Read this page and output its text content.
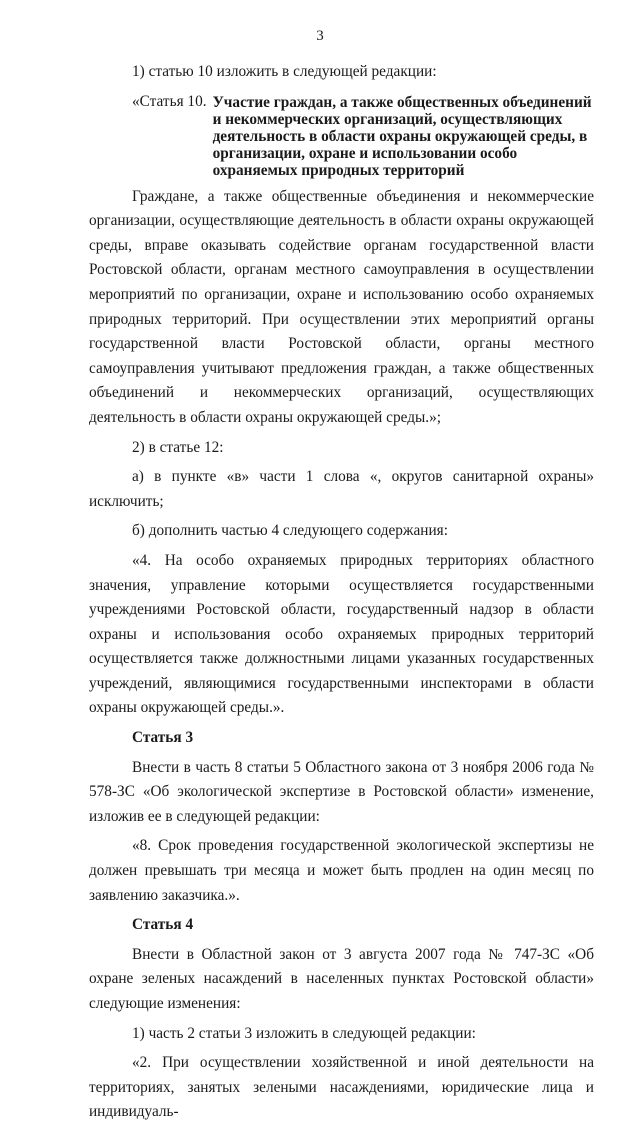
3

1) статью 10 изложить в следующей редакции:

«Статья 10. Участие граждан, а также общественных объединений и некоммерческих организаций, осуществляющих деятельность в области охраны окружающей среды, в организации, охране и использовании особо охраняемых природных территорий

Граждане, а также общественные объединения и некоммерческие организации, осуществляющие деятельность в области охраны окружающей среды, вправе оказывать содействие органам государственной власти Ростовской области, органам местного самоуправления в осуществлении мероприятий по организации, охране и использованию особо охраняемых природных территорий. При осуществлении этих мероприятий органы государственной власти Ростовской области, органы местного самоуправления учитывают предложения граждан, а также общественных объединений и некоммерческих организаций, осуществляющих деятельность в области охраны окружающей среды.»;

2) в статье 12:

а) в пункте «в» части 1 слова «, округов санитарной охраны» исключить;

б) дополнить частью 4 следующего содержания:

«4. На особо охраняемых природных территориях областного значения, управление которыми осуществляется государственными учреждениями Ростовской области, государственный надзор в области охраны и использования особо охраняемых природных территорий осуществляется также должностными лицами указанных государственных учреждений, являющимися государственными инспекторами в области охраны окружающей среды.».

Статья 3

Внести в часть 8 статьи 5 Областного закона от 3 ноября 2006 года № 578-ЗС «Об экологической экспертизе в Ростовской области» изменение, изложив ее в следующей редакции:

«8. Срок проведения государственной экологической экспертизы не должен превышать три месяца и может быть продлен на один месяц по заявлению заказчика.».

Статья 4

Внести в Областной закон от 3 августа 2007 года № 747-ЗС «Об охране зеленых насаждений в населенных пунктах Ростовской области» следующие изменения:

1) часть 2 статьи 3 изложить в следующей редакции:

«2. При осуществлении хозяйственной и иной деятельности на территориях, занятых зелеными насаждениями, юридические лица и индивидуаль-
